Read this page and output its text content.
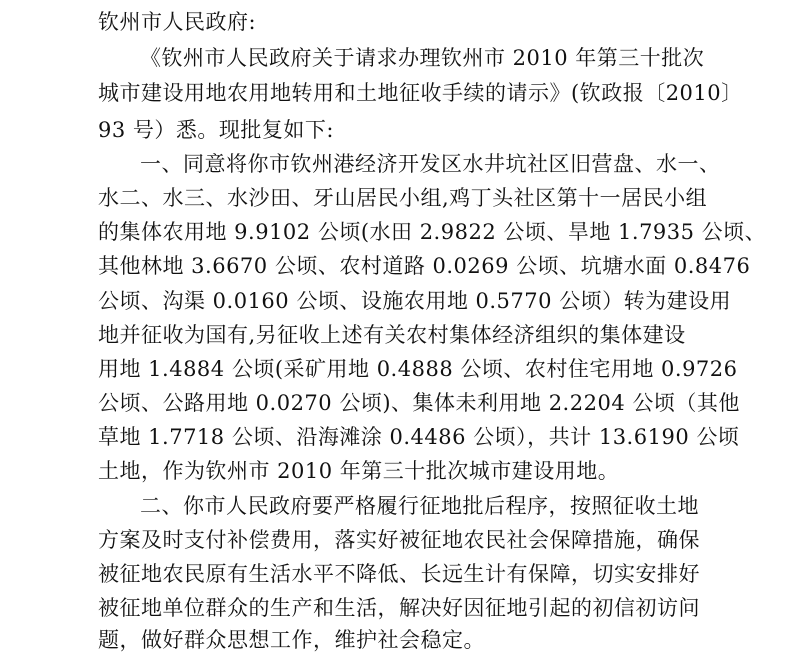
钦州市人民政府:
《钦州市人民政府关于请求办理钦州市 2010 年第三十批次
城市建设用地农用地转用和土地征收手续的请示》(钦政报〔2010〕
93 号）悉。现批复如下:
一、同意将你市钦州港经济开发区水井坑社区旧营盘、水一、
水二、水三、水沙田、牙山居民小组,鸡丁头社区第十一居民小组
的集体农用地 9.9102 公顷(水田 2.9822 公顷、旱地 1.7935 公顷、
其他林地 3.6670 公顷、农村道路 0.0269 公顷、坑塘水面 0.8476
公顷、沟渠 0.0160 公顷、设施农用地 0.5770 公顷）转为建设用
地并征收为国有,另征收上述有关农村集体经济组织的集体建设
用地 1.4884 公顷(采矿用地 0.4888 公顷、农村住宅用地 0.9726
公顷、公路用地 0.0270 公顷)、集体未利用地 2.2204 公顷（其他
草地 1.7718 公顷、沿海滩涂 0.4486 公顷），共计 13.6190 公顷
土地，作为钦州市 2010 年第三十批次城市建设用地。
二、你市人民政府要严格履行征地批后程序，按照征收土地
方案及时支付补偿费用，落实好被征地农民社会保障措施，确保
被征地农民原有生活水平不降低、长远生计有保障，切实安排好
被征地单位群众的生产和生活，解决好因征地引起的初信初访问
题，做好群众思想工作，维护社会稳定。
